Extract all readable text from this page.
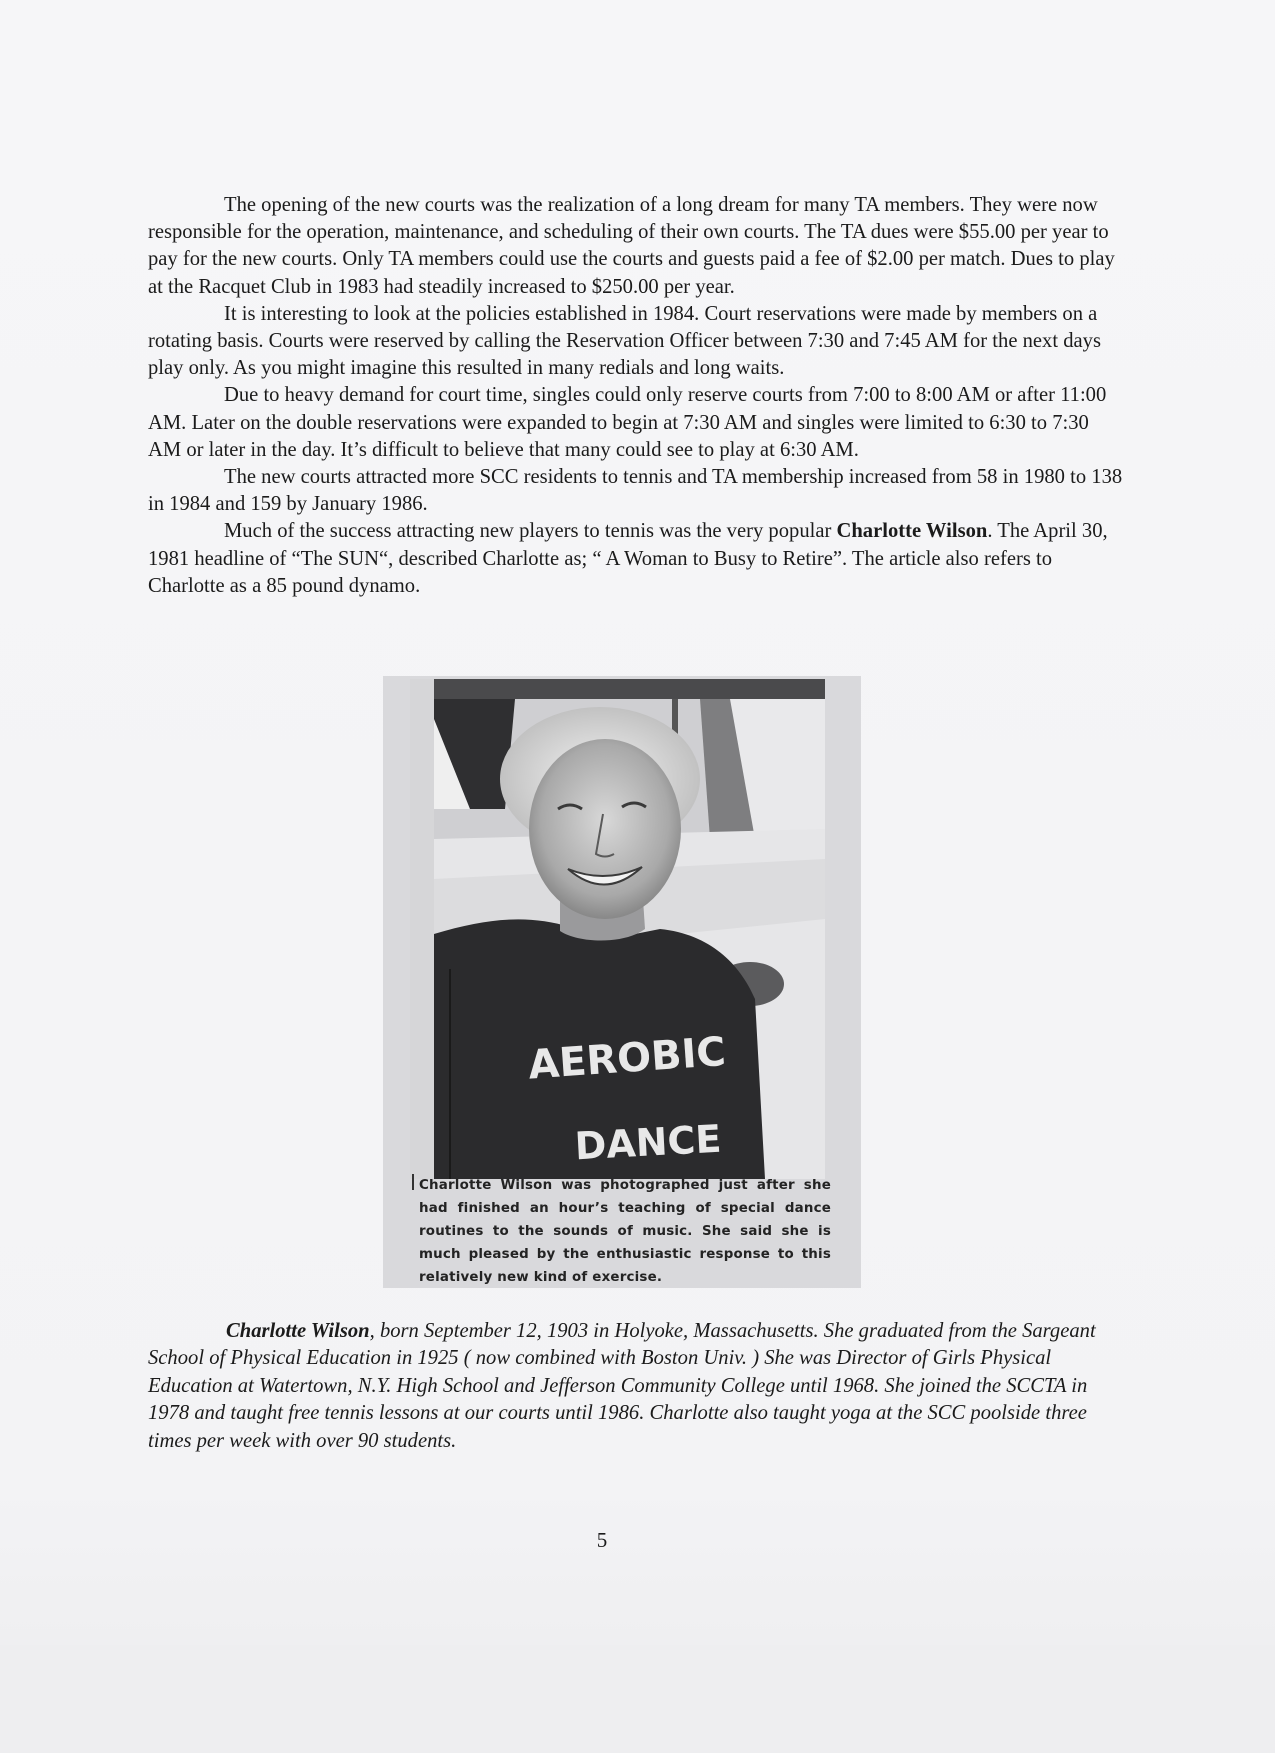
The opening of the new courts was the realization of a long dream for many TA members. They were now responsible for the operation, maintenance, and scheduling of their own courts. The TA dues were $55.00 per year to pay for the new courts. Only TA members could use the courts and guests paid a fee of $2.00 per match. Dues to play at the Racquet Club in 1983 had steadily increased to $250.00 per year.

It is interesting to look at the policies established in 1984. Court reservations were made by members on a rotating basis. Courts were reserved by calling the Reservation Officer between 7:30 and 7:45 AM for the next days play only. As you might imagine this resulted in many redials and long waits.

Due to heavy demand for court time, singles could only reserve courts from 7:00 to 8:00 AM or after 11:00 AM. Later on the double reservations were expanded to begin at 7:30 AM and singles were limited to 6:30 to 7:30 AM or later in the day. It’s difficult to believe that many could see to play at 6:30 AM.

The new courts attracted more SCC residents to tennis and TA membership increased from 58 in 1980 to 138 in 1984 and 159 by January 1986.

Much of the success attracting new players to tennis was the very popular Charlotte Wilson. The April 30, 1981 headline of “The SUN“, described Charlotte as; “ A Woman to Busy to Retire”. The article also refers to Charlotte as a 85 pound dynamo.

AEROBIC
DANCE
Charlotte Wilson was photographed just after she had finished an hour’s teaching of special dance routines to the sounds of music. She said she is much pleased by the enthusiastic response to this relatively new kind of exercise.
Charlotte Wilson, born September 12, 1903 in Holyoke, Massachusetts. She graduated from the Sargeant School of Physical Education in 1925 ( now combined with Boston Univ. ) She was Director of Girls Physical Education at Watertown, N.Y. High School and Jefferson Community College until 1968. She joined the SCCTA in 1978 and taught free tennis lessons at our courts until 1986. Charlotte also taught yoga at the SCC poolside three times per week with over 90 students.
5
